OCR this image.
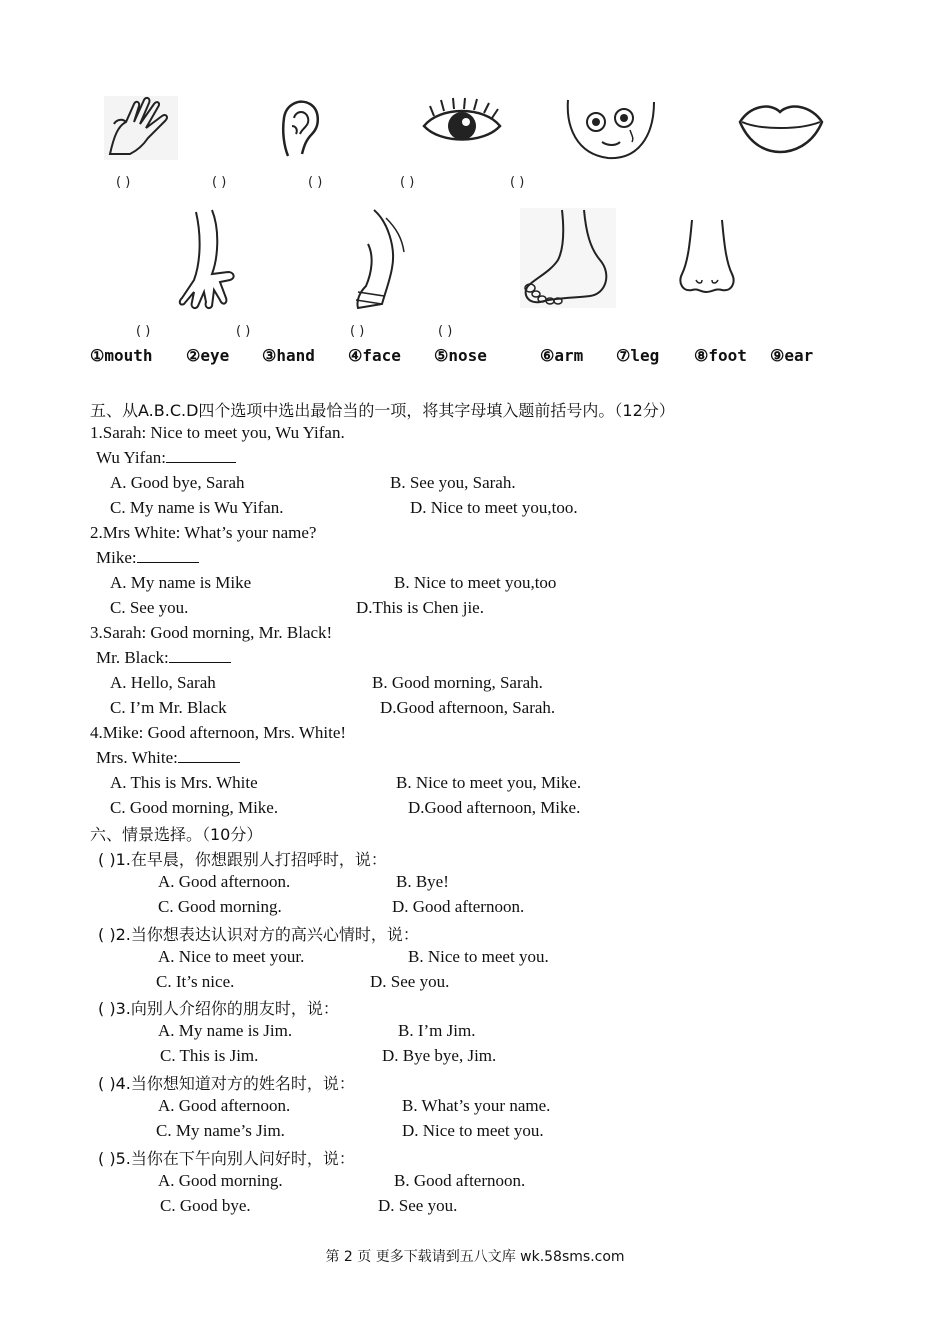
( )	( )	( )	( )	( )
( )	( )	( )	( )
①mouth ②eye ③hand ④face ⑤nose	⑥arm ⑦leg ⑧foot ⑨ear
五、从A.B.C.D四个选项中选出最恰当的一项，将其字母填入题前括号内。（12分）
1.Sarah: Nice to meet you, Wu Yifan.
Wu Yifan:
A. Good bye, Sarah	B. See you, Sarah.
C. My name is Wu Yifan.	D. Nice to meet you,too.
2.Mrs White: What’s your name?
Mike:
A. My name is Mike	B. Nice to meet you,too
C. See you.	D.This is Chen jie.
3.Sarah: Good morning, Mr. Black!
Mr. Black:
A. Hello, Sarah	B. Good morning, Sarah.
C. I’m Mr. Black	D.Good afternoon, Sarah.
4.Mike: Good afternoon, Mrs. White!
Mrs. White:
A. This is Mrs. White	B. Nice to meet you, Mike.
C. Good morning, Mike.	D.Good afternoon, Mike.
六、情景选择。（10分）
( )1.在早晨，你想跟别人打招呼时，说：
A. Good afternoon.	B. Bye!
C. Good morning.	D. Good afternoon.
( )2.当你想表达认识对方的高兴心情时，说：
A. Nice to meet your.	B. Nice to meet you.
C. It’s nice.	D. See you.
( )3.向别人介绍你的朋友时，说：
A. My name is Jim.	B. I’m Jim.
C. This is Jim.	D. Bye bye, Jim.
( )4.当你想知道对方的姓名时，说：
A. Good afternoon.	B. What’s your name.
C. My name’s Jim.	D. Nice to meet you.
( )5.当你在下午向别人问好时，说：
A. Good morning.	B. Good afternoon.
C. Good bye.	D. See you.
第 2 页 更多下载请到五八文库 wk.58sms.com
